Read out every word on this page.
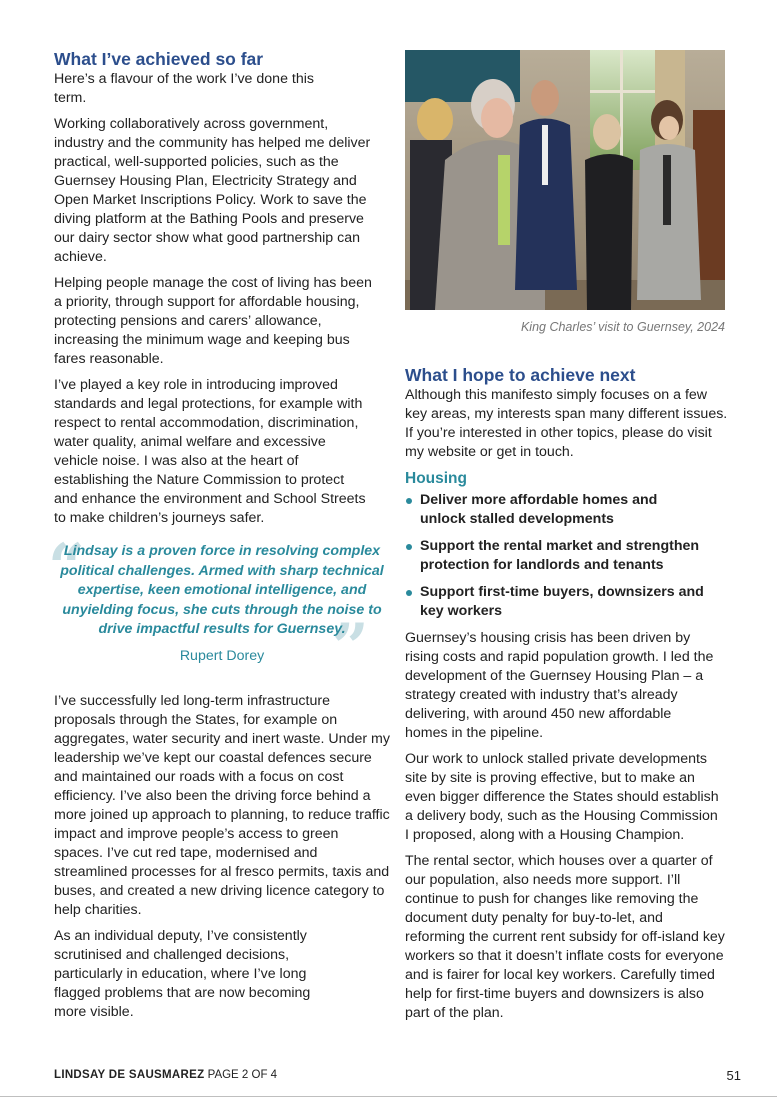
What I’ve achieved so far

Here’s a flavour of the work I’ve done this term.

Working collaboratively across government, industry and the community has helped me deliver practical, well-supported policies, such as the Guernsey Housing Plan, Electricity Strategy and Open Market Inscriptions Policy. Work to save the diving platform at the Bathing Pools and preserve our dairy sector show what good partnership can achieve.

Helping people manage the cost of living has been a priority, through support for affordable housing, protecting pensions and carers’ allowance, increasing the minimum wage and keeping bus fares reasonable.

I’ve played a key role in introducing improved standards and legal protections, for example with respect to rental accommodation, discrimination, water quality, animal welfare and excessive vehicle noise. I was also at the heart of establishing the Nature Commission to protect and enhance the environment and School Streets to make children’s journeys safer.

“
”

Lindsay is a proven force in resolving complex political challenges. Armed with sharp technical expertise, keen emotional intelligence, and unyielding focus, she cuts through the noise to drive impactful results for Guernsey.

Rupert Dorey

I’ve successfully led long-term infrastructure proposals through the States, for example on aggregates, water security and inert waste. Under my leadership we’ve kept our coastal defences secure and maintained our roads with a focus on cost efficiency. I’ve also been the driving force behind a more joined up approach to planning, to reduce traffic impact and improve people’s access to green spaces. I’ve cut red tape, modernised and streamlined processes for al fresco permits, taxis and buses, and created a new driving licence category to help charities.

As an individual deputy, I’ve consistently scrutinised and challenged decisions, particularly in education, where I’ve long flagged problems that are now becoming more visible.

King Charles’ visit to Guernsey, 2024

What I hope to achieve next

Although this manifesto simply focuses on a few key areas, my interests span many different issues. If you’re interested in other topics, please do visit my website or get in touch.

Housing
Deliver more affordable homes and unlock stalled developments
Support the rental market and strengthen protection for landlords and tenants
Support first-time buyers, downsizers and key workers

Guernsey’s housing crisis has been driven by rising costs and rapid population growth. I led the development of the Guernsey Housing Plan – a strategy created with industry that’s already delivering, with around 450 new affordable homes in the pipeline.

Our work to unlock stalled private developments site by site is proving effective, but to make an even bigger difference the States should establish a delivery body, such as the Housing Commission I proposed, along with a Housing Champion.

The rental sector, which houses over a quarter of our population, also needs more support. I’ll continue to push for changes like removing the document duty penalty for buy-to-let, and reforming the current rent subsidy for off-island key workers so that it doesn’t inflate costs for everyone and is fairer for local key workers. Carefully timed help for first-time buyers and downsizers is also part of the plan.

LINDSAY DE SAUSMAREZ PAGE 2 OF 4	51
